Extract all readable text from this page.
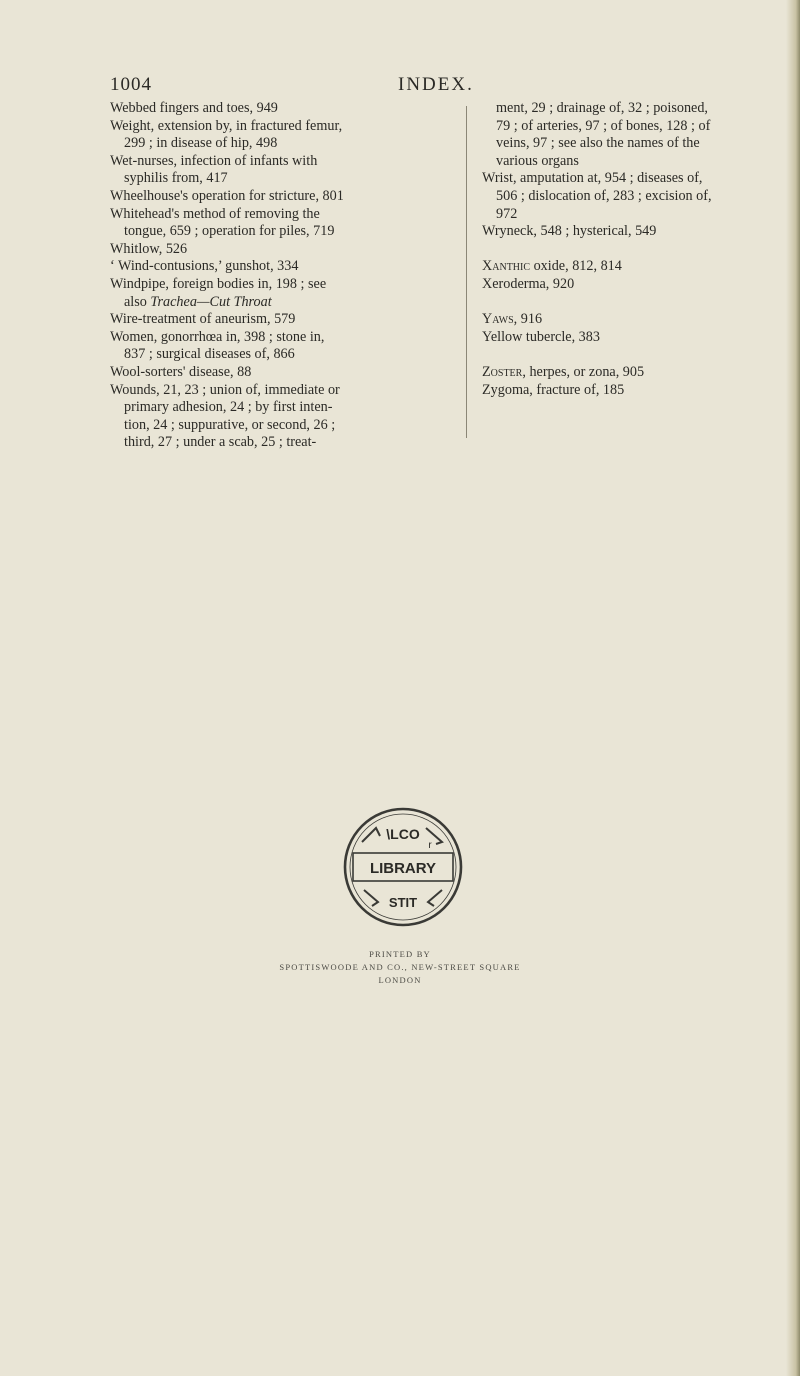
1004	INDEX.

Webbed fingers and toes, 949

Weight, extension by, in fractured femur,
299 ; in disease of hip, 498

Wet-nurses, infection of infants with
syphilis from, 417

Wheelhouse's operation for stricture, 801

Whitehead's method of removing the
tongue, 659 ; operation for piles, 719

Whitlow, 526

‘ Wind-contusions,’ gunshot, 334

Windpipe, foreign bodies in, 198 ; see
also Trachea—Cut Throat

Wire-treatment of aneurism, 579

Women, gonorrhœa in, 398 ; stone in,
837 ; surgical diseases of, 866

Wool-sorters' disease, 88

Wounds, 21, 23 ; union of, immediate or
primary adhesion, 24 ; by first inten-
tion, 24 ; suppurative, or second, 26 ;
third, 27 ; under a scab, 25 ; treat-

ment, 29 ; drainage of, 32 ; poisoned,
79 ; of arteries, 97 ; of bones, 128 ; of
veins, 97 ; see also the names of the
various organs

Wrist, amputation at, 954 ; diseases of,
506 ; dislocation of, 283 ; excision of,
972

Wryneck, 548 ; hysterical, 549

Xanthic oxide, 812, 814

Xeroderma, 920

Yaws, 916

Yellow tubercle, 383

Zoster, herpes, or zona, 905

Zygoma, fracture of, 185

LIBRARY
\LCO
r
STIT
PRINTED BY
SPOTTISWOODE AND CO., NEW-STREET SQUARE
LONDON
